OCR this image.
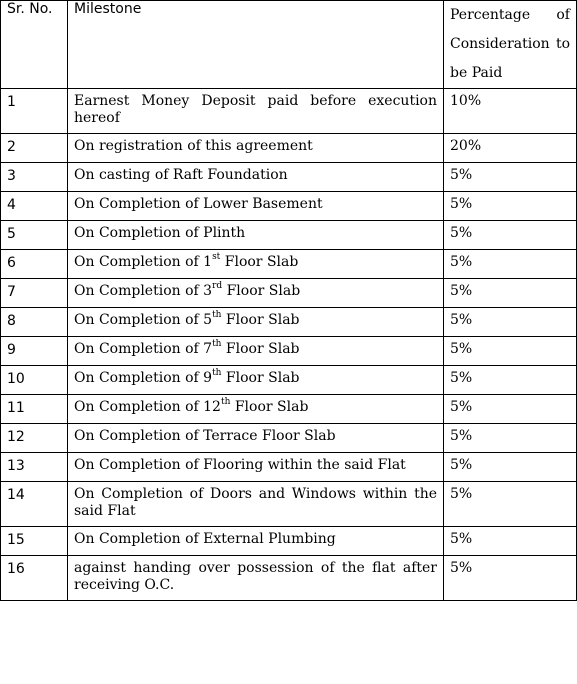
Sr. No.	Milestone	Percentage of
Consideration to
be Paid

1	Earnest Money Deposit paid before execution hereof	10%
2	On registration of this agreement	20%
3	On casting of Raft Foundation	5%
4	On Completion of Lower Basement	5%
5	On Completion of Plinth	5%
6	On Completion of 1st Floor Slab	5%
7	On Completion of 3rd Floor Slab	5%
8	On Completion of 5th Floor Slab	5%
9	On Completion of 7th Floor Slab	5%
10	On Completion of 9th Floor Slab	5%
11	On Completion of 12th Floor Slab	5%
12	On Completion of Terrace Floor Slab	5%
13	On Completion of Flooring within the said Flat	5%
14	On Completion of Doors and Windows within the said Flat	5%
15	On Completion of External Plumbing	5%
16	against handing over possession of the flat after receiving O.C.	5%
